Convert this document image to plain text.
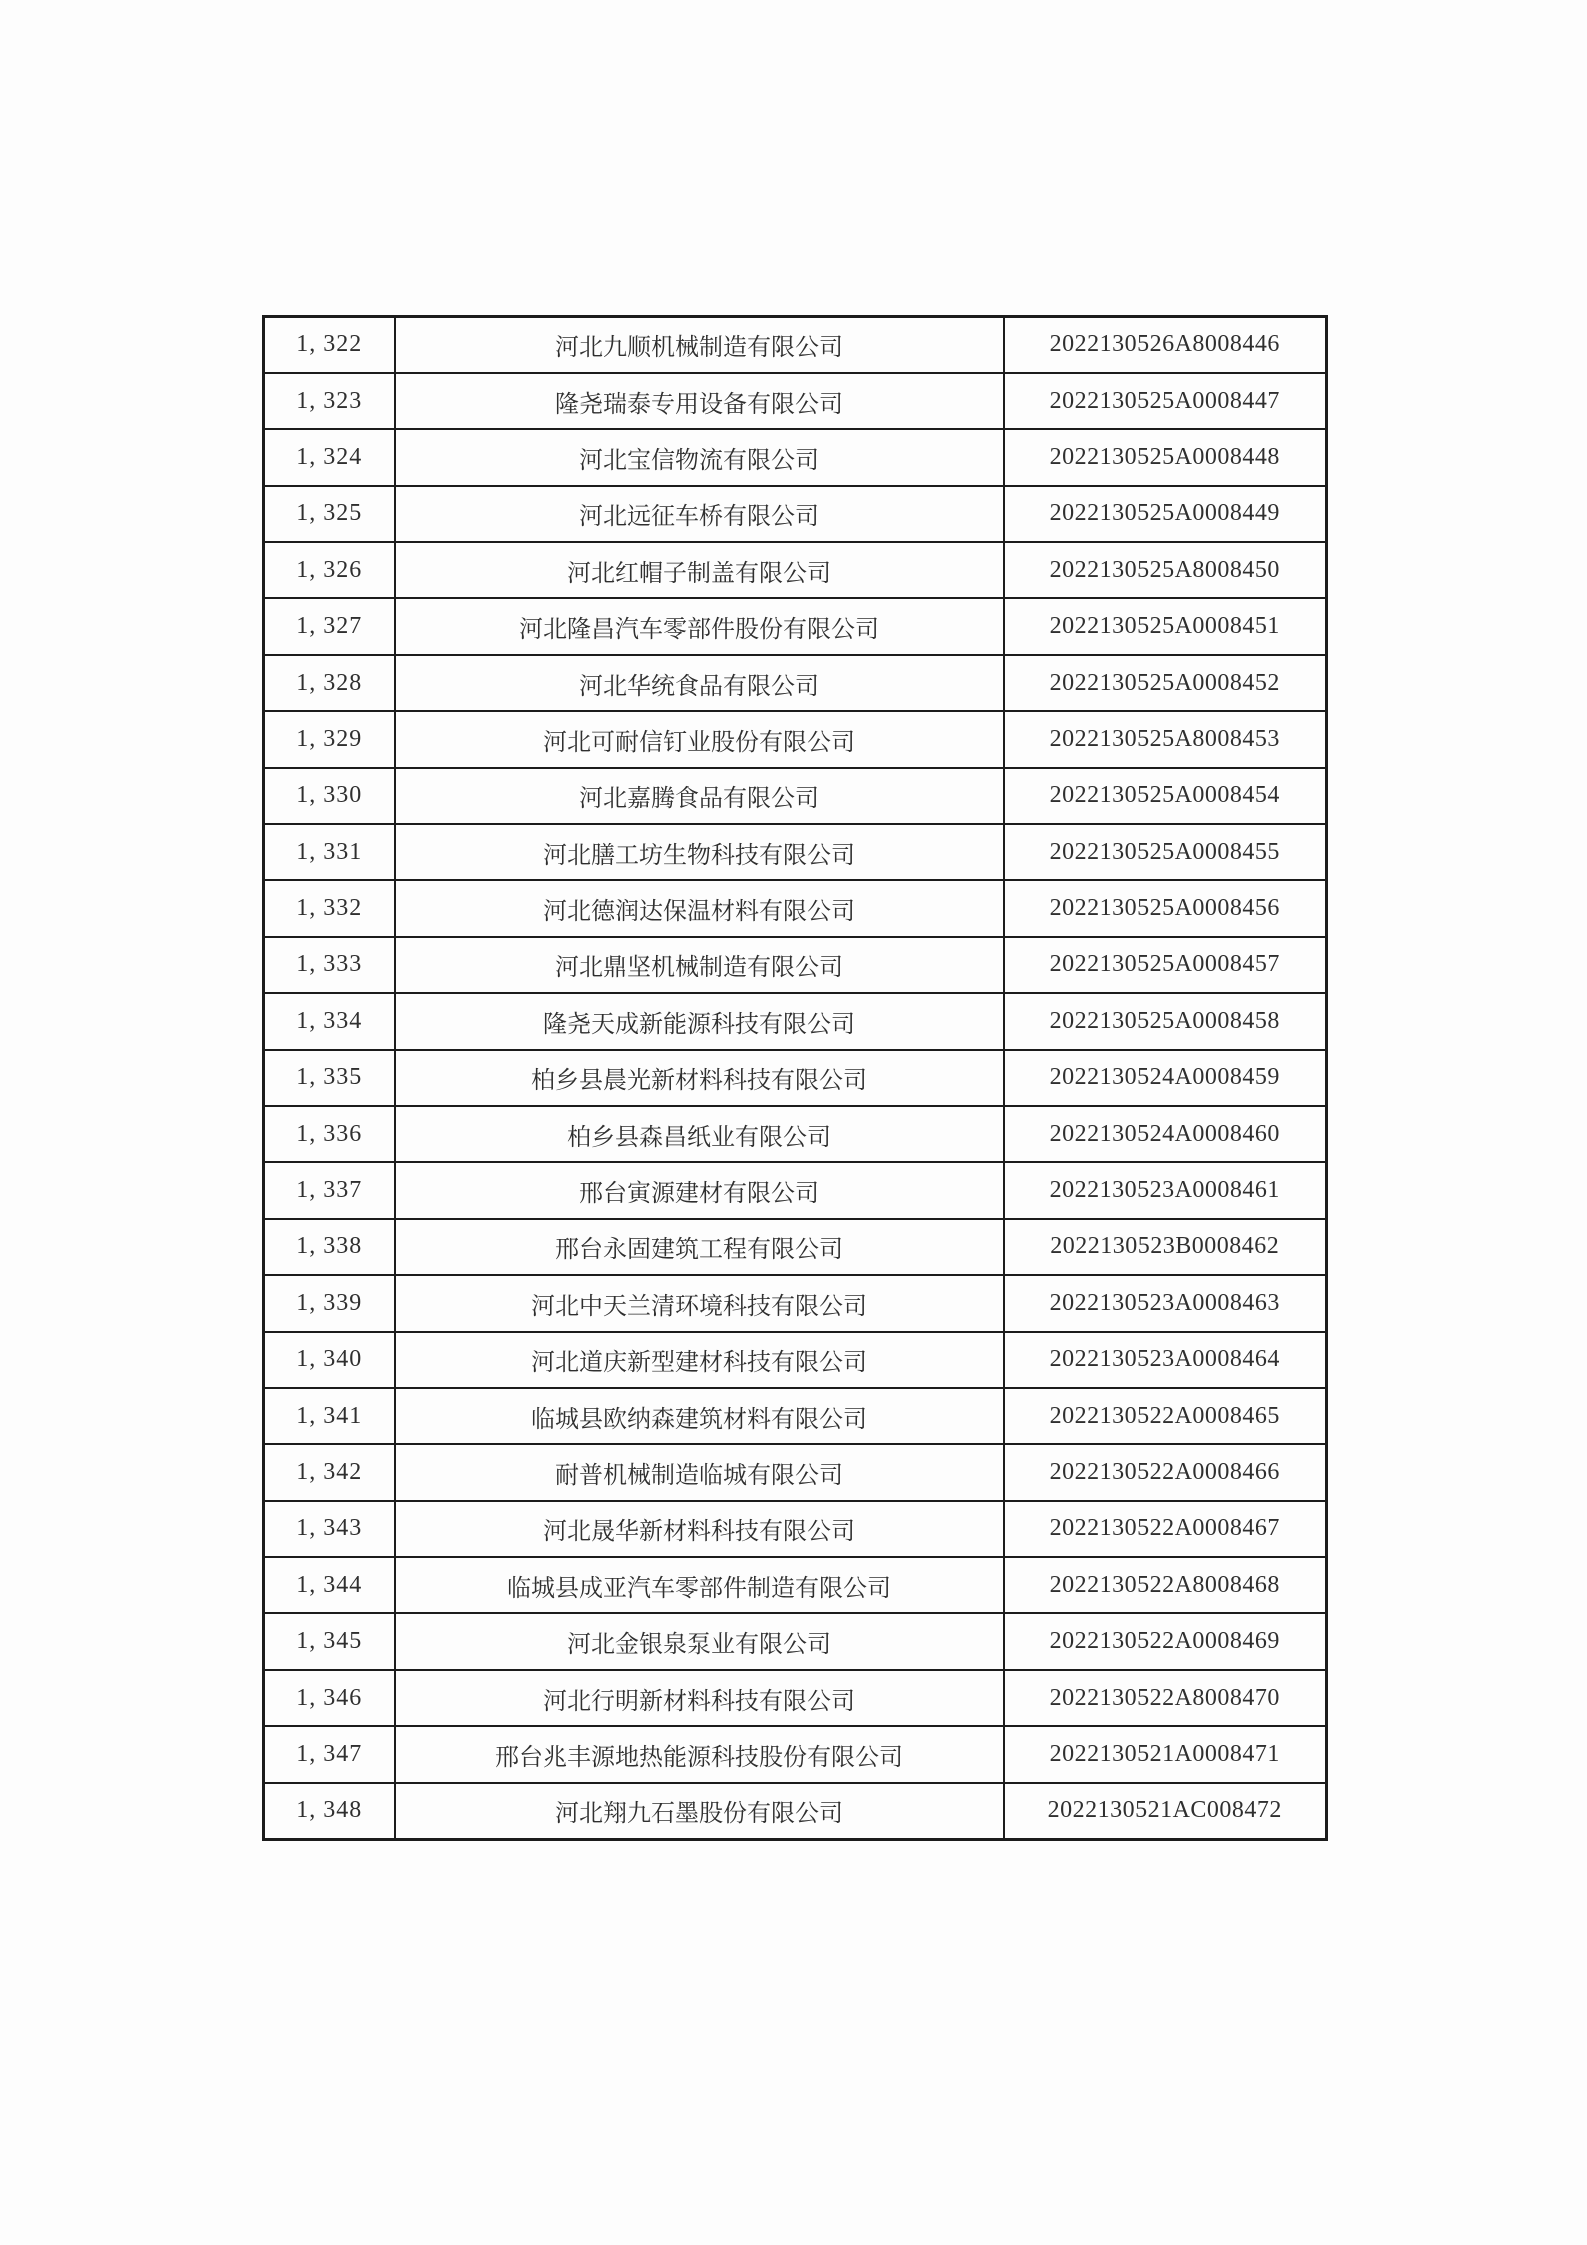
1, 322	河北九顺机械制造有限公司	2022130526A8008446
1, 323	隆尧瑞泰专用设备有限公司	2022130525A0008447
1, 324	河北宝信物流有限公司	2022130525A0008448
1, 325	河北远征车桥有限公司	2022130525A0008449
1, 326	河北红帽子制盖有限公司	2022130525A8008450
1, 327	河北隆昌汽车零部件股份有限公司	2022130525A0008451
1, 328	河北华统食品有限公司	2022130525A0008452
1, 329	河北可耐信钉业股份有限公司	2022130525A8008453
1, 330	河北嘉腾食品有限公司	2022130525A0008454
1, 331	河北膳工坊生物科技有限公司	2022130525A0008455
1, 332	河北德润达保温材料有限公司	2022130525A0008456
1, 333	河北鼎坚机械制造有限公司	2022130525A0008457
1, 334	隆尧天成新能源科技有限公司	2022130525A0008458
1, 335	柏乡县晨光新材料科技有限公司	2022130524A0008459
1, 336	柏乡县森昌纸业有限公司	2022130524A0008460
1, 337	邢台寅源建材有限公司	2022130523A0008461
1, 338	邢台永固建筑工程有限公司	2022130523B0008462
1, 339	河北中天兰清环境科技有限公司	2022130523A0008463
1, 340	河北道庆新型建材科技有限公司	2022130523A0008464
1, 341	临城县欧纳森建筑材料有限公司	2022130522A0008465
1, 342	耐普机械制造临城有限公司	2022130522A0008466
1, 343	河北晟华新材料科技有限公司	2022130522A0008467
1, 344	临城县成亚汽车零部件制造有限公司	2022130522A8008468
1, 345	河北金银泉泵业有限公司	2022130522A0008469
1, 346	河北行明新材料科技有限公司	2022130522A8008470
1, 347	邢台兆丰源地热能源科技股份有限公司	2022130521A0008471
1, 348	河北翔九石墨股份有限公司	2022130521AC008472
